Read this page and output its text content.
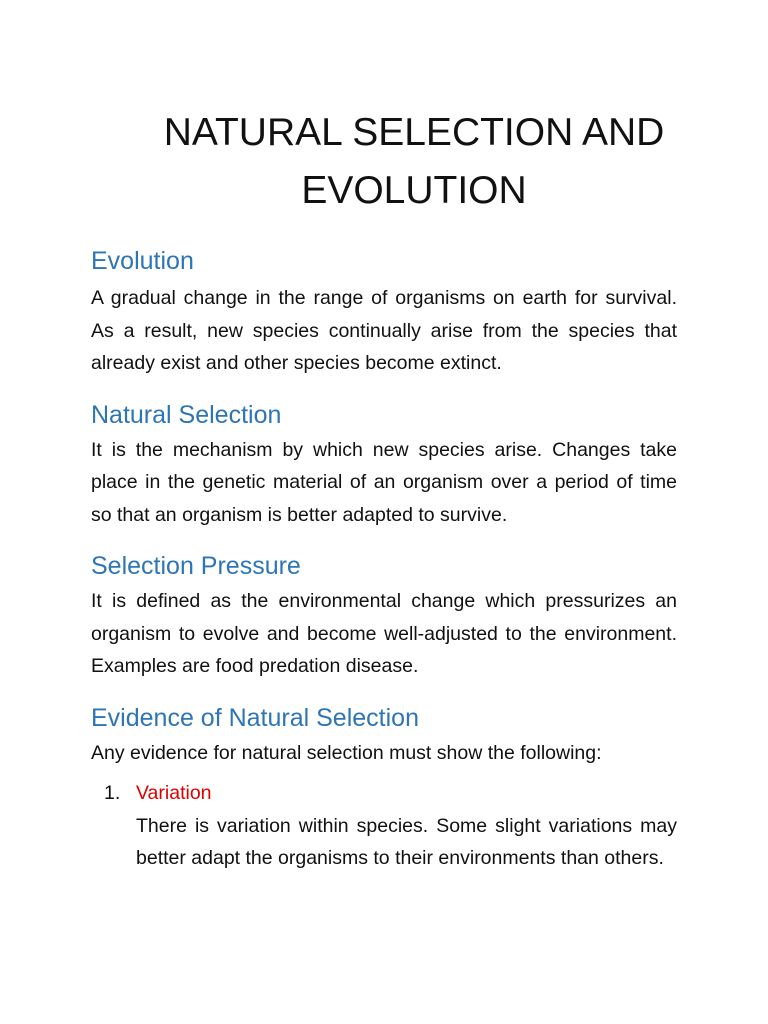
NATURAL SELECTION AND EVOLUTION
Evolution

A gradual change in the range of organisms on earth for survival. As a result, new species continually arise from the species that already exist and other species become extinct.

Natural Selection

It is the mechanism by which new species arise. Changes take place in the genetic material of an organism over a period of time so that an organism is better adapted to survive.

Selection Pressure

It is defined as the environmental change which pressurizes an organism to evolve and become well-adjusted to the environment. Examples are food predation disease.

Evidence of Natural Selection

Any evidence for natural selection must show the following:

1. Variation
There is variation within species. Some slight variations may better adapt the organisms to their environments than others.
